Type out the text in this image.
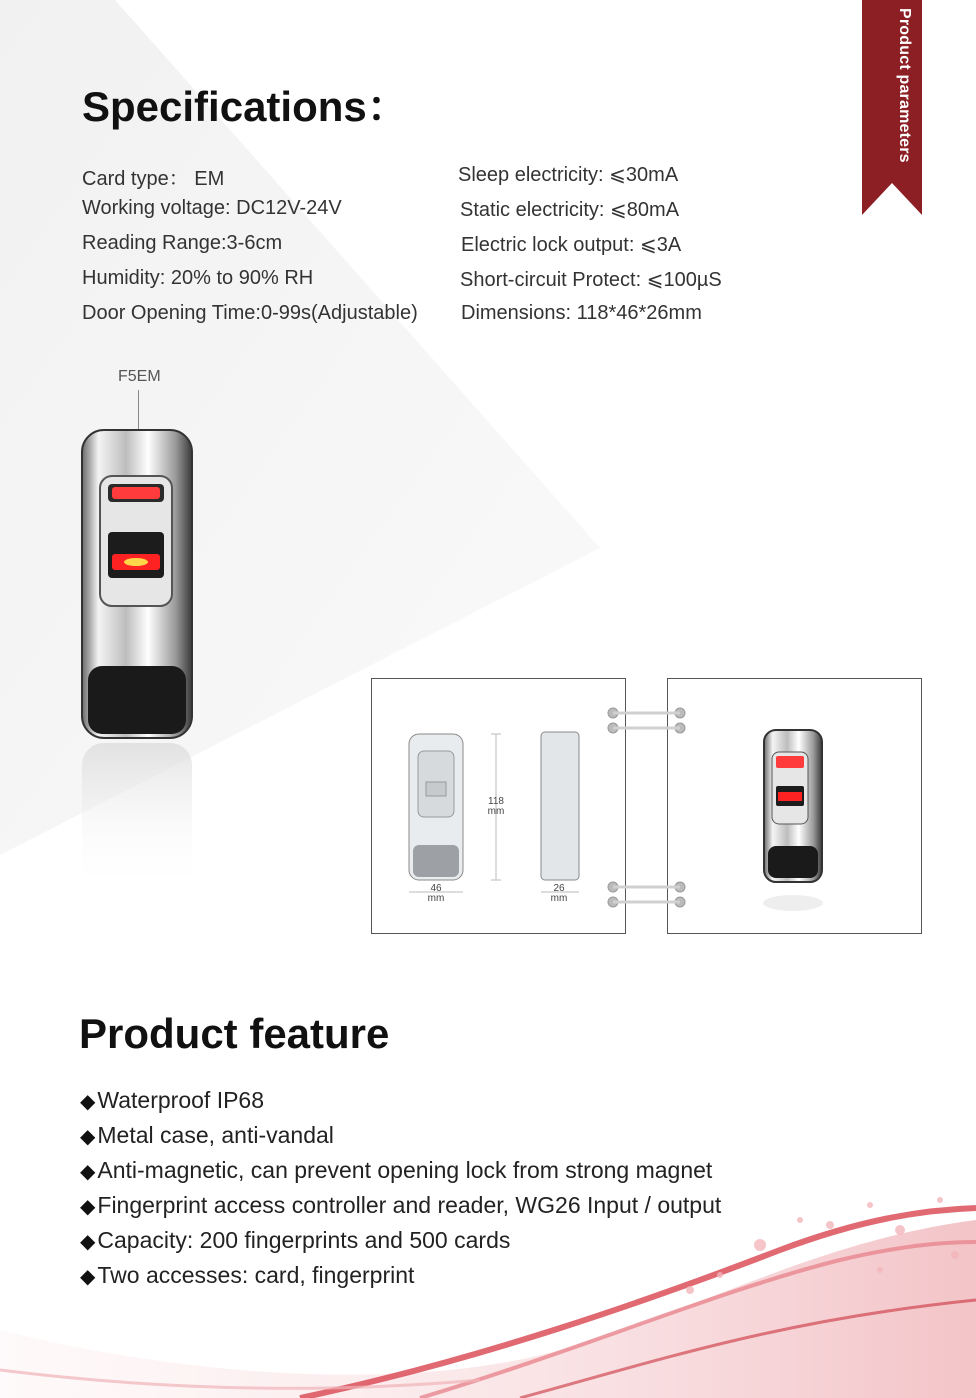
Product parameters
Specifications：
Card type： EM
Working voltage: DC12V-24V
Reading Range:3-6cm
Humidity: 20% to 90% RH
Door Opening Time:0-99s(Adjustable)
Sleep electricity: ⩽30mA
Static electricity: ⩽80mA
Electric lock output: ⩽3A
Short-circuit Protect: ⩽100µS
Dimensions: 118*46*26mm
F5EM
118
mm
46
mm
26
mm
Product feature
◆Waterproof IP68
◆Metal case, anti-vandal
◆Anti-magnetic, can prevent opening lock from strong magnet
◆Fingerprint access controller and reader, WG26 Input / output
◆Capacity: 200 fingerprints and 500 cards
◆Two accesses: card, fingerprint
